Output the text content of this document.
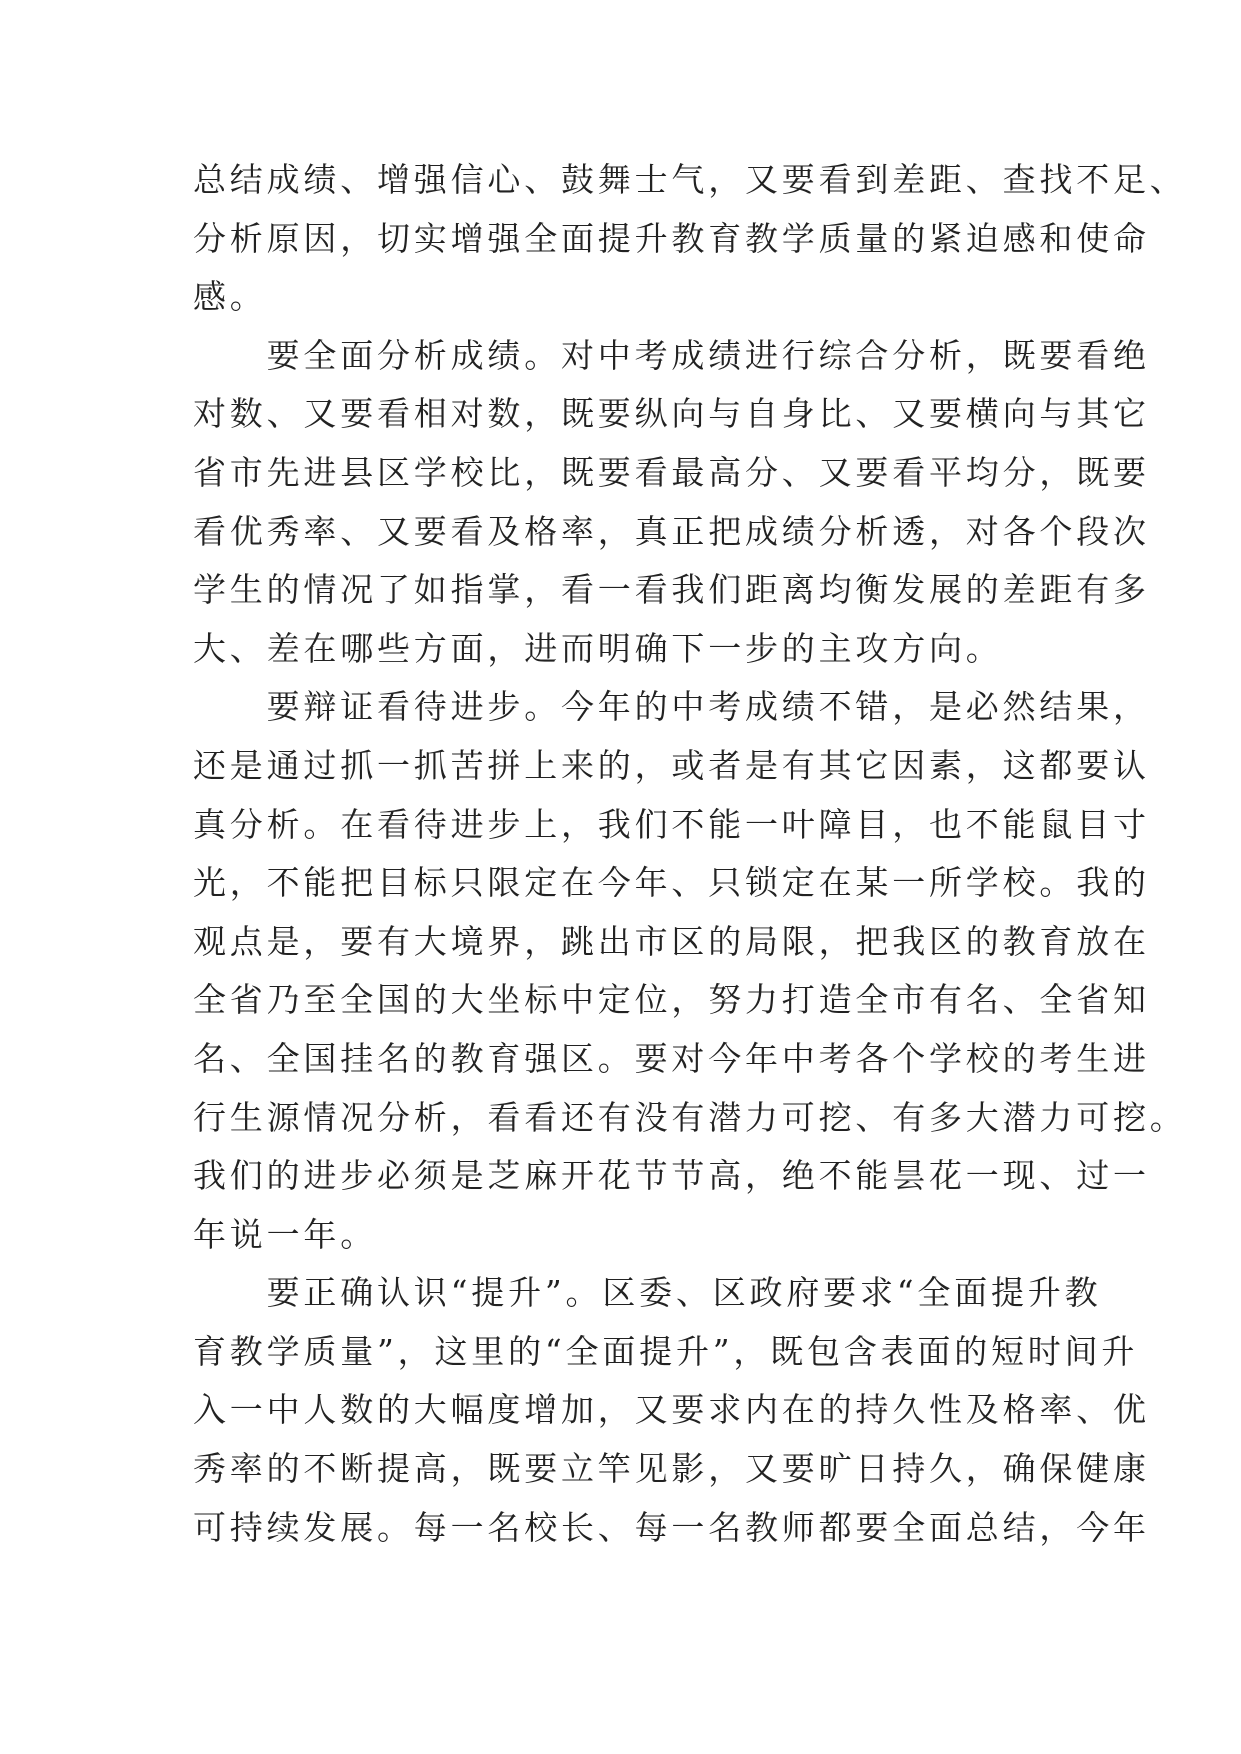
总结成绩、增强信心、鼓舞士气，又要看到差距、查找不足、
分析原因，切实增强全面提升教育教学质量的紧迫感和使命
感。
　　要全面分析成绩。对中考成绩进行综合分析，既要看绝
对数、又要看相对数，既要纵向与自身比、又要横向与其它
省市先进县区学校比，既要看最高分、又要看平均分，既要
看优秀率、又要看及格率，真正把成绩分析透，对各个段次
学生的情况了如指掌，看一看我们距离均衡发展的差距有多
大、差在哪些方面，进而明确下一步的主攻方向。
　　要辩证看待进步。今年的中考成绩不错，是必然结果，
还是通过抓一抓苦拼上来的，或者是有其它因素，这都要认
真分析。在看待进步上，我们不能一叶障目，也不能鼠目寸
光，不能把目标只限定在今年、只锁定在某一所学校。我的
观点是，要有大境界，跳出市区的局限，把我区的教育放在
全省乃至全国的大坐标中定位，努力打造全市有名、全省知
名、全国挂名的教育强区。要对今年中考各个学校的考生进
行生源情况分析，看看还有没有潜力可挖、有多大潜力可挖。
我们的进步必须是芝麻开花节节高，绝不能昙花一现、过一
年说一年。
　　要正确认识“提升”。区委、区政府要求“全面提升教
育教学质量”，这里的“全面提升”，既包含表面的短时间升
入一中人数的大幅度增加，又要求内在的持久性及格率、优
秀率的不断提高，既要立竿见影，又要旷日持久，确保健康
可持续发展。每一名校长、每一名教师都要全面总结，今年
